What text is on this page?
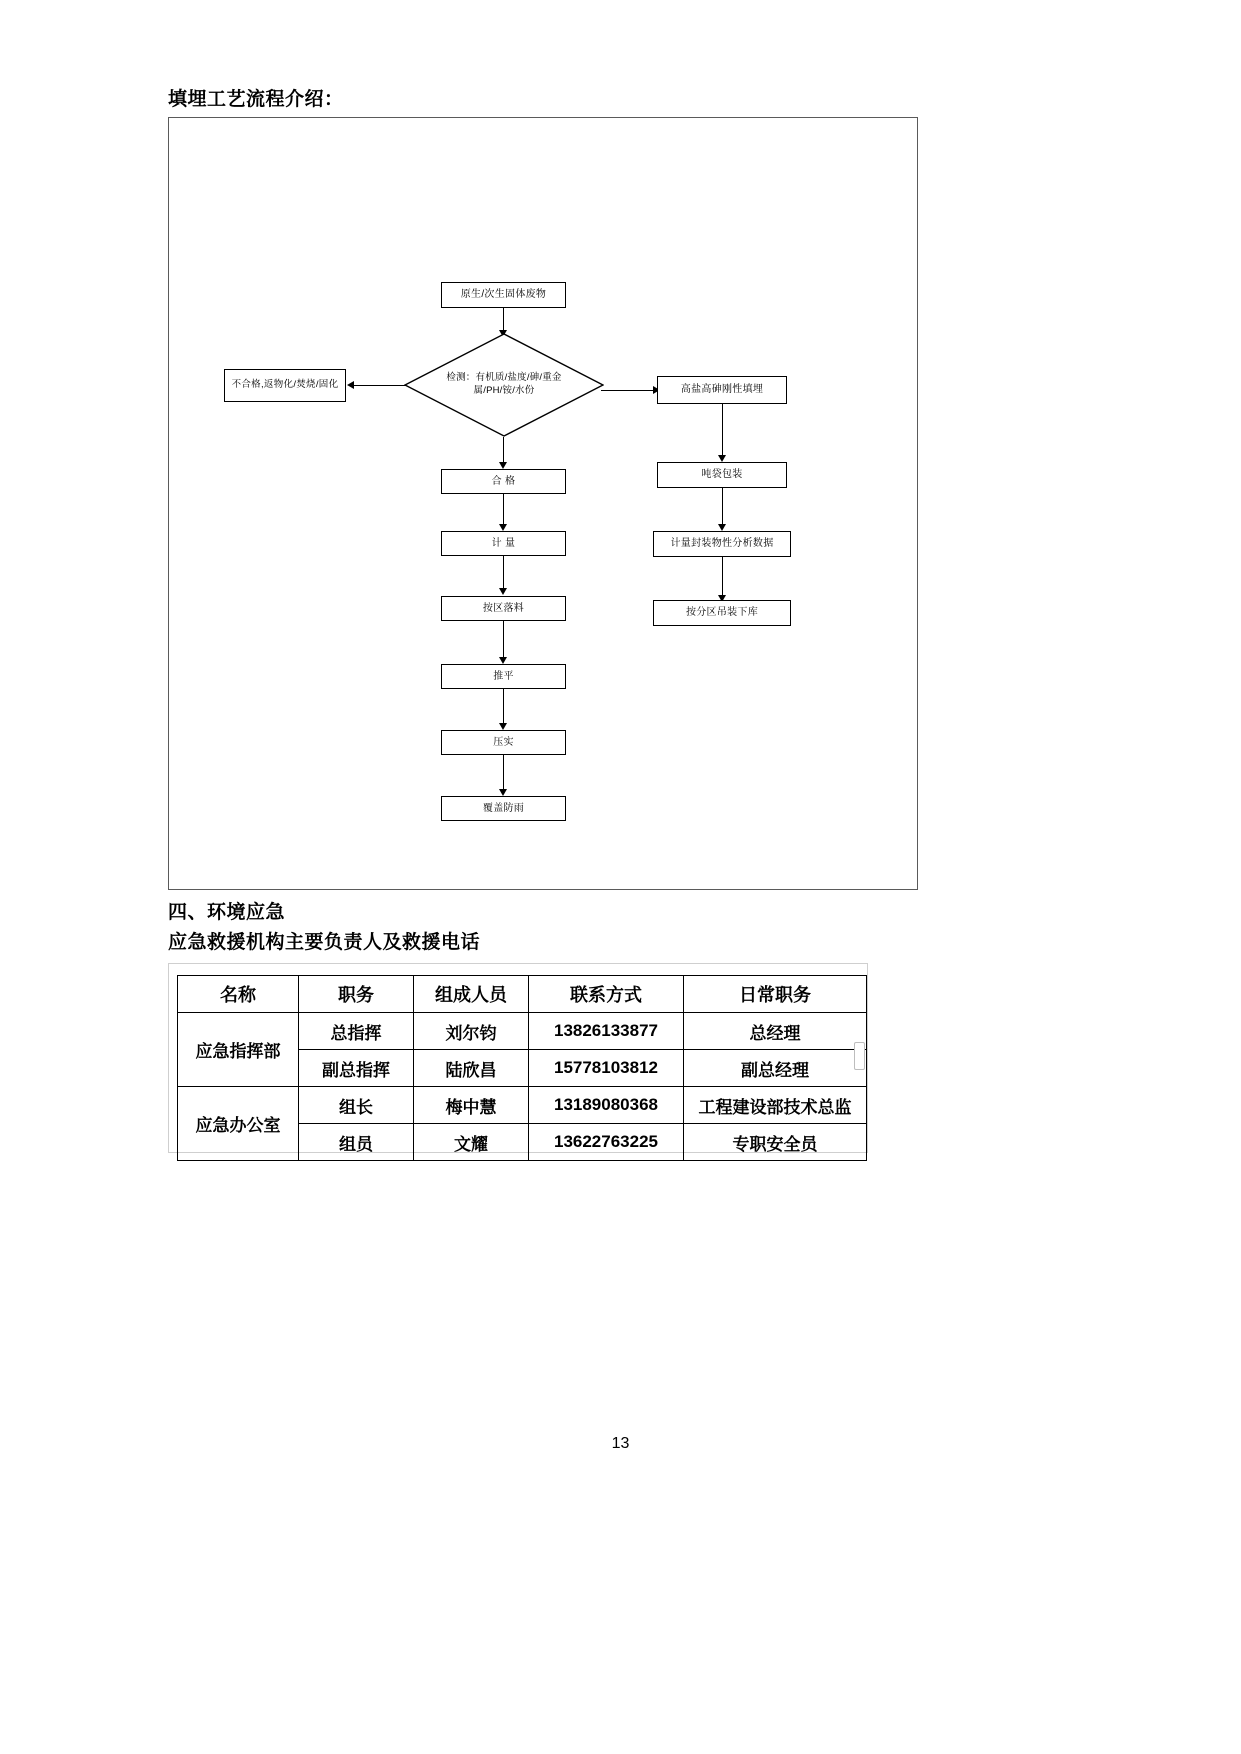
填埋工艺流程介绍：
原生/次生固体废物
检测：有机质/盐度/砷/重金属/PH/铵/水份
不合格,返物化/焚烧/固化	高盐高砷刚性填埋
吨袋包装
计量封装物性分析数据
按分区吊装下库
合 格
计 量
按区落料
推平
压实
覆盖防雨
四、环境应急
应急救援机构主要负责人及救援电话
名称	职务	组成人员	联系方式	日常职务
应急指挥部	总指挥	刘尔钧	13826133877	总经理
	副总指挥	陆欣昌	15778103812	副总经理
应急办公室	组长	梅中慧	13189080368	工程建设部技术总监
	组员	文耀	13622763225	专职安全员
13
